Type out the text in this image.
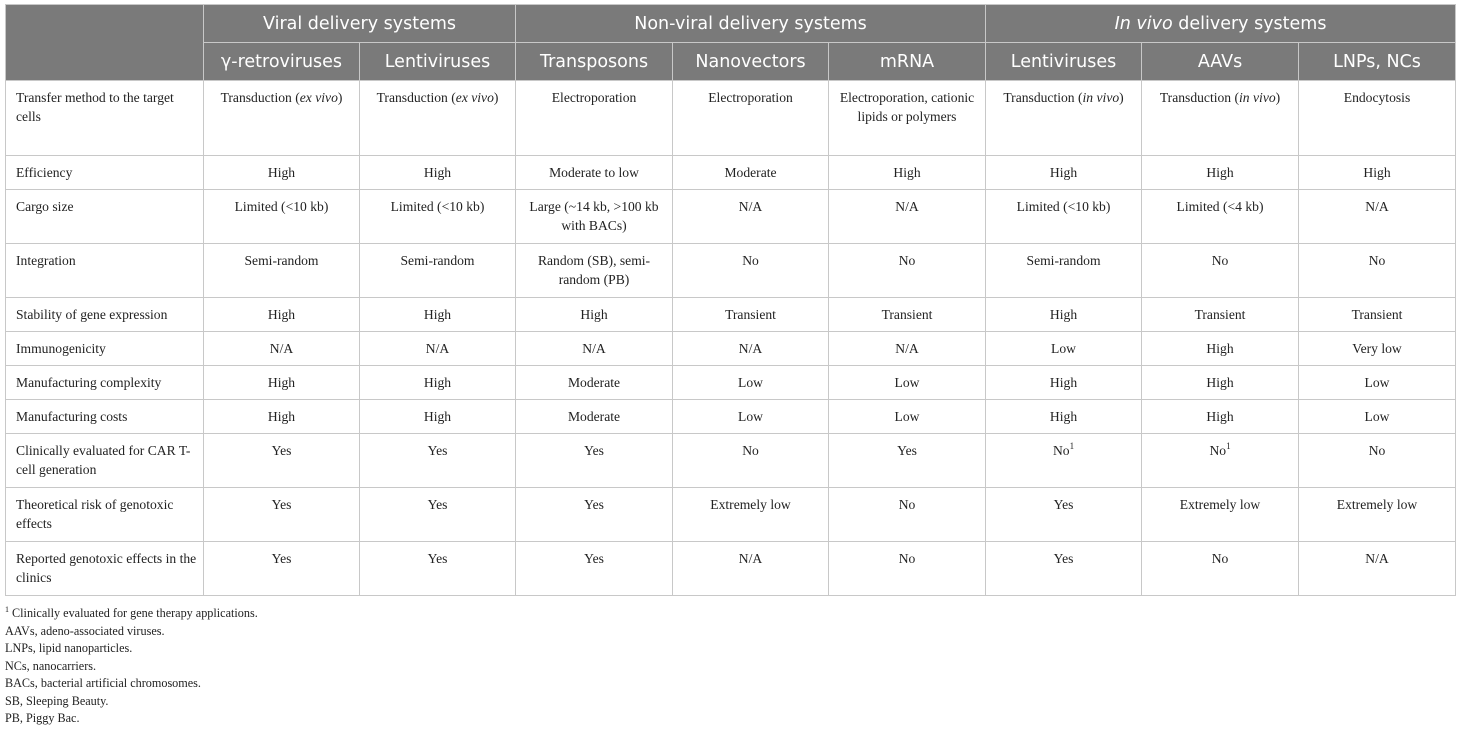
	Viral delivery systems		Non-viral delivery systems			In vivo delivery systems		
	γ-retroviruses	Lentiviruses	Transposons	Nanovectors	mRNA	Lentiviruses	AAVs	LNPs, NCs
Transfer method to the target cells	Transduction (ex vivo)	Transduction (ex vivo)	Electroporation	Electroporation	Electroporation, cationic lipids or polymers	Transduction (in vivo)	Transduction (in vivo)	Endocytosis
Efficiency	High	High	Moderate to low	Moderate	High	High	High	High
Cargo size	Limited (<10 kb)	Limited (<10 kb)	Large (~14 kb, >100 kb with BACs)	N/A	N/A	Limited (<10 kb)	Limited (<4 kb)	N/A
Integration	Semi-random	Semi-random	Random (SB), semi-random (PB)	No	No	Semi-random	No	No
Stability of gene expression	High	High	High	Transient	Transient	High	Transient	Transient
Immunogenicity	N/A	N/A	N/A	N/A	N/A	Low	High	Very low
Manufacturing complexity	High	High	Moderate	Low	Low	High	High	Low
Manufacturing costs	High	High	Moderate	Low	Low	High	High	Low
Clinically evaluated for CAR T-cell generation	Yes	Yes	Yes	No	Yes	No$^1$	No$^1$	No
Theoretical risk of genotoxic effects	Yes	Yes	Yes	Extremely low	No	Yes	Extremely low	Extremely low
Reported genotoxic effects in the clinics	Yes	Yes	Yes	N/A	No	Yes	No	N/A
$^1$ Clinically evaluated for gene therapy applications.
AAVs, adeno-associated viruses.
LNPs, lipid nanoparticles.
NCs, nanocarriers.
BACs, bacterial artificial chromosomes.
SB, Sleeping Beauty.
PB, Piggy Bac.
